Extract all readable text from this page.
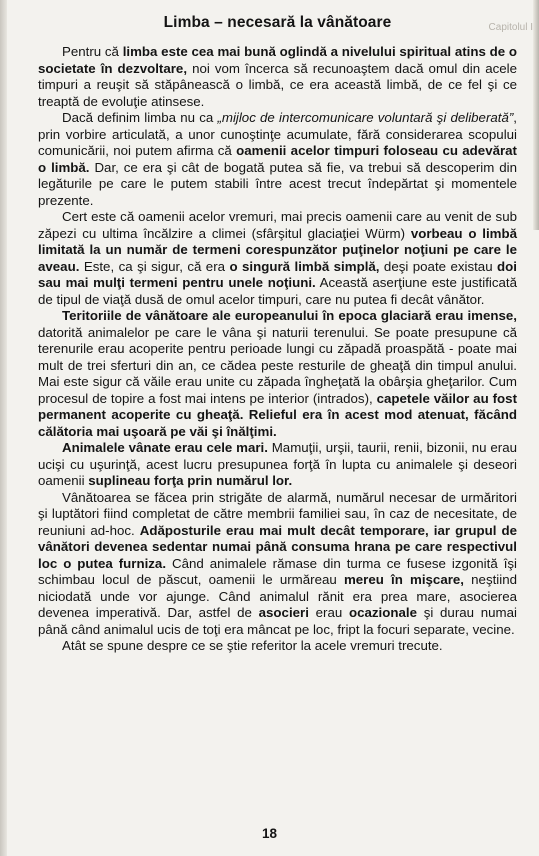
Capitolul I
Limba – necesară la vânătoare

Pentru că limba este cea mai bună oglindă a nivelului spiritual atins de o societate în dezvoltare, noi vom încerca să recunoaştem dacă omul din acele timpuri a reuşit să stăpânească o limbă, ce era această limbă, de ce fel şi ce treaptă de evoluţie atinsese.

Dacă definim limba nu ca „mijloc de intercomunicare voluntară şi deliberată”, prin vorbire articulată, a unor cunoştinţe acumulate, fără considerarea scopului comunicării, noi putem afirma că oamenii acelor timpuri foloseau cu adevărat o limbă. Dar, ce era şi cât de bogată putea să fie, va trebui să descoperim din legăturile pe care le putem stabili între acest trecut îndepărtat şi momentele prezente.

Cert este că oamenii acelor vremuri, mai precis oamenii care au venit de sub zăpezi cu ultima încălzire a climei (sfârşitul glaciaţiei Würm) vorbeau o limbă limitată la un număr de termeni corespunzător puţinelor noţiuni pe care le aveau. Este, ca şi sigur, că era o singură limbă simplă, deşi poate existau doi sau mai mulţi termeni pentru unele noţiuni. Această aserţiune este justificată de tipul de viaţă dusă de omul acelor timpuri, care nu putea fi decât vânător.

Teritoriile de vânătoare ale europeanului în epoca glaciară erau imense, datorită animalelor pe care le vâna şi naturii terenului. Se poate presupune că terenurile erau acoperite pentru perioade lungi cu zăpadă proaspătă - poate mai mult de trei sferturi din an, ce cădea peste resturile de gheaţă din timpul anului. Mai este sigur că văile erau unite cu zăpada îngheţată la obârşia gheţarilor. Cum procesul de topire a fost mai intens pe interior (intrados), capetele văilor au fost permanent acoperite cu gheaţă. Relieful era în acest mod atenuat, făcând călătoria mai uşoară pe văi şi înălţimi.

Animalele vânate erau cele mari. Mamuţii, urşii, taurii, renii, bizonii, nu erau ucişi cu uşurinţă, acest lucru presupunea forţă în lupta cu animalele şi deseori oamenii suplineau forţa prin numărul lor.

Vânătoarea se făcea prin strigăte de alarmă, numărul necesar de urmăritori şi luptători fiind completat de către membrii familiei sau, în caz de necesitate, de reuniuni ad-hoc. Adăposturile erau mai mult decât temporare, iar grupul de vânători devenea sedentar numai până consuma hrana pe care respectivul loc o putea furniza. Când animalele rămase din turma ce fusese izgonită îşi schimbau locul de păscut, oamenii le urmăreau mereu în mişcare, neştiind niciodată unde vor ajunge. Când animalul rănit era prea mare, asocierea devenea imperativă. Dar, astfel de asocieri erau ocazionale şi durau numai până când animalul ucis de toţi era mâncat pe loc, fript la focuri separate, vecine.

Atât se spune despre ce se ştie referitor la acele vremuri trecute.

18
